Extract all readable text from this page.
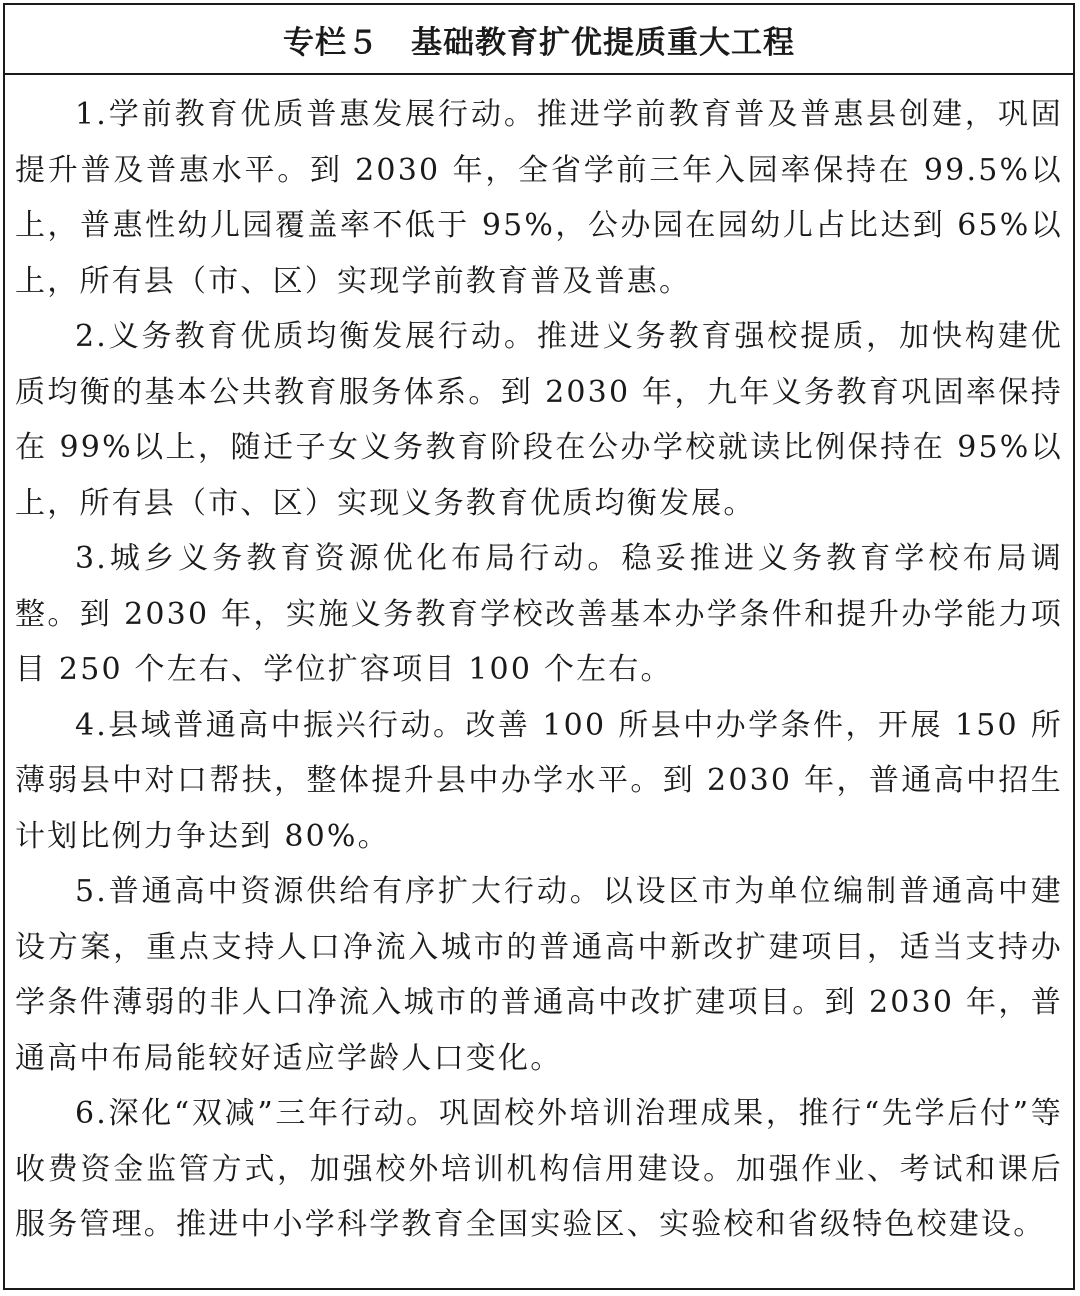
专栏５　基础教育扩优提质重大工程

1.学前教育优质普惠发展行动。推进学前教育普及普惠县创建，巩固提升普及普惠水平。到 2030 年，全省学前三年入园率保持在 99.5%以上，普惠性幼儿园覆盖率不低于 95%，公办园在园幼儿占比达到 65%以上，所有县（市、区）实现学前教育普及普惠。

2.义务教育优质均衡发展行动。推进义务教育强校提质，加快构建优质均衡的基本公共教育服务体系。到 2030 年，九年义务教育巩固率保持在 99%以上，随迁子女义务教育阶段在公办学校就读比例保持在 95%以上，所有县（市、区）实现义务教育优质均衡发展。

3.城乡义务教育资源优化布局行动。稳妥推进义务教育学校布局调整。到 2030 年，实施义务教育学校改善基本办学条件和提升办学能力项目 250 个左右、学位扩容项目 100 个左右。

4.县域普通高中振兴行动。改善 100 所县中办学条件，开展 150 所薄弱县中对口帮扶，整体提升县中办学水平。到 2030 年，普通高中招生计划比例力争达到 80%。

5.普通高中资源供给有序扩大行动。以设区市为单位编制普通高中建设方案，重点支持人口净流入城市的普通高中新改扩建项目，适当支持办学条件薄弱的非人口净流入城市的普通高中改扩建项目。到 2030 年，普通高中布局能较好适应学龄人口变化。

6.深化“双减”三年行动。巩固校外培训治理成果，推行“先学后付”等收费资金监管方式，加强校外培训机构信用建设。加强作业、考试和课后服务管理。推进中小学科学教育全国实验区、实验校和省级特色校建设。
